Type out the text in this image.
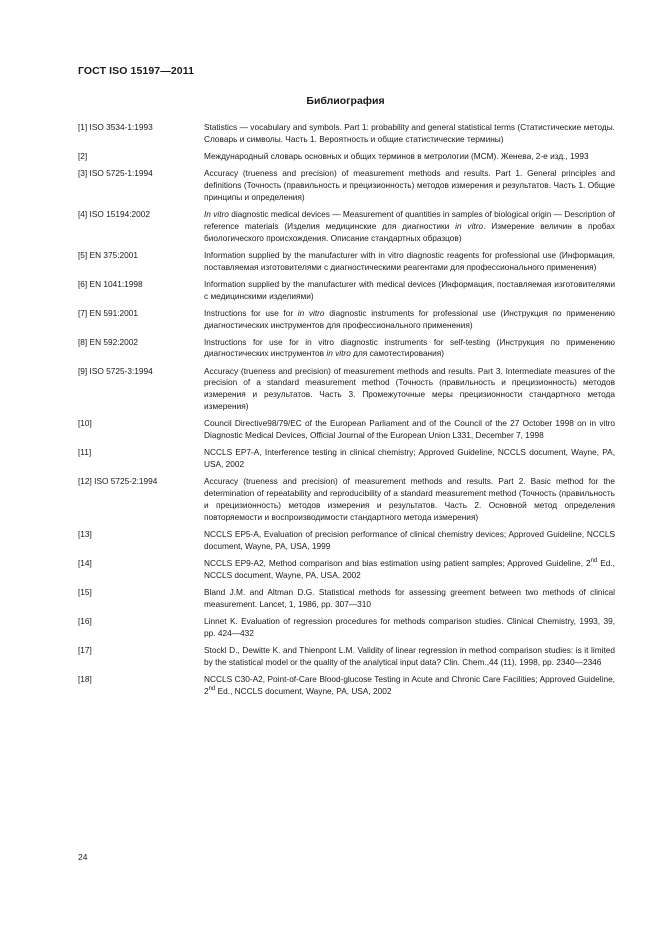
ГОСТ ISO 15197—2011
Библиография
[1] ISO 3534-1:1993	Statistics — vocabulary and symbols. Part 1: probability and general statistical terms (Статистические методы. Словарь и символы. Часть 1. Вероятность и общие статистические термины)
[2]	Международный словарь основных и общих терминов в метрологии (МСМ). Женева, 2-е изд., 1993
[3] ISO 5725-1:1994	Accuracy (trueness and precision) of measurement methods and results. Part 1. General principles and definitions (Точность (правильность и прецизионность) методов измерения и результатов. Часть 1. Общие принципы и определения)
[4] ISO 15194:2002	In vitro diagnostic medical devices — Measurement of quantities in samples of biological origin — Description of reference materials (Изделия медицинские для диагностики in vitro. Измерение величин в пробах биологического происхождения. Описание стандартных образцов)
[5] EN 375:2001	Information supplied by the manufacturer with in vitro diagnostic reagents for professional use (Информация, поставляемая изготовителями с диагностическими реагентами для профессионального применения)
[6] EN 1041:1998	Information supplied by the manufacturer with medical devices (Информация, поставляемая изготовителями с медицинскими изделиями)
[7] EN 591:2001	Instructions for use for in vitro diagnostic instruments for professional use (Инструкция по применению диагностических инструментов для профессионального применения)
[8] EN 592:2002	Instructions for use for in vitro diagnostic instruments for self-testing (Инструкция по применению диагностических инструментов in vitro для самотестирования)
[9] ISO 5725-3:1994	Accuracy (trueness and precision) of measurement methods and results. Part 3. Intermediate measures of the precision of a standard measurement method (Точность (правильность и прецизионность) методов измерения и результатов. Часть 3. Промежуточные меры прецизионности стандартного метода измерения)
[10]	Council Directive98/79/EC of the European Parliament and of the Council of the 27 October 1998 on in vitro Diagnostic Medical Devices, Official Journal of the European Union L331, December 7, 1998
[11]	NCCLS EP7-A, Interference testing in clinical chemistry; Approved Guideline, NCCLS document, Wayne, PA, USA, 2002
[12] ISO 5725-2:1994	Accuracy (trueness and precision) of measurement methods and results. Part 2. Basic method for the determination of repeatability and reproducibility of a standard measurement method (Точность (правильность и прецизионность) методов измерения и результатов. Часть 2. Основной метод определения повторяемости и воспроизводимости стандартного метода измерения)
[13]	NCCLS EP5-A, Evaluation of precision performance of clinical chemistry devices; Approved Guideline, NCCLS document, Wayne, PA, USA, 1999
[14]	NCCLS EP9-A2, Method comparison and bias estimation using patient samples; Approved Guideline, 2nd Ed., NCCLS document, Wayne, PA, USA, 2002
[15]	Bland J.M. and Altman D.G. Statistical methods for assessing greement between two methods of clinical measurement. Lancet, 1, 1986, pp. 307—310
[16]	Linnet K. Evaluation of regression procedures for methods comparison studies. Clinical Chemistry, 1993, 39, pp. 424—432
[17]	Stockl D., Dewitte K. and Thienpont L.M. Validity of linear regression in method comparison studies: is it limited by the statistical model or the quality of the analytical input data? Clin. Chem.,44 (11), 1998, pp. 2340—2346
[18]	NCCLS C30-A2, Point-of-Care Blood-glucose Testing in Acute and Chronic Care Facilities; Approved Guideline, 2nd Ed., NCCLS document, Wayne, PA, USA, 2002
24
